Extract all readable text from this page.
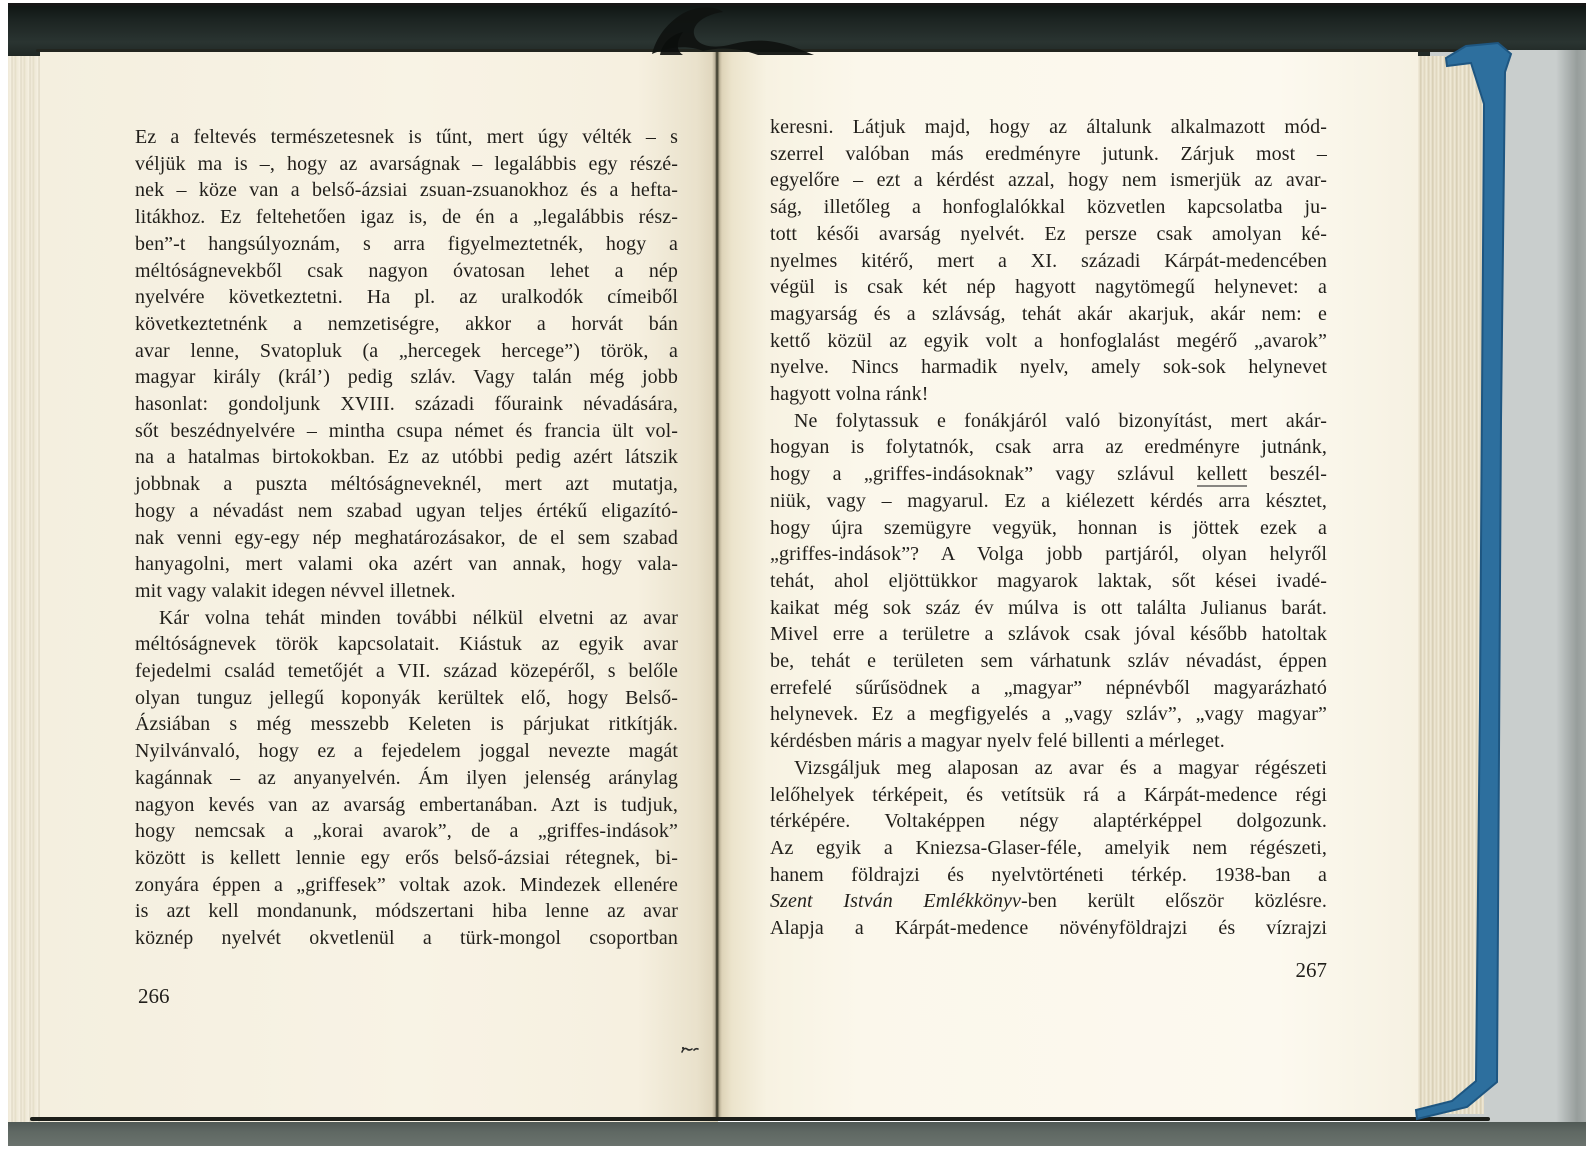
Ez a feltevés természetesnek is tűnt, mert úgy vélték – s
véljük ma is –, hogy az avarságnak – legalábbis egy részé-
nek – köze van a belső-ázsiai zsuan-zsuanokhoz és a hefta-
litákhoz. Ez feltehetően igaz is, de én a „legalábbis rész-
ben”-t hangsúlyoznám, s arra figyelmeztetnék, hogy a
méltóságnevekből csak nagyon óvatosan lehet a nép
nyelvére következtetni. Ha pl. az uralkodók címeiből
következtetnénk a nemzetiségre, akkor a horvát bán
avar lenne, Svatopluk (a „hercegek hercege”) török, a
magyar király (král’) pedig szláv. Vagy talán még jobb
hasonlat: gondoljunk XVIII. századi főuraink névadására,
sőt beszédnyelvére – mintha csupa német és francia ült vol-
na a hatalmas birtokokban. Ez az utóbbi pedig azért látszik
jobbnak a puszta méltóságneveknél, mert azt mutatja,
hogy a névadást nem szabad ugyan teljes értékű eligazító-
nak venni egy-egy nép meghatározásakor, de el sem szabad
hanyagolni, mert valami oka azért van annak, hogy vala-
mit vagy valakit idegen névvel illetnek.
Kár volna tehát minden további nélkül elvetni az avar
méltóságnevek török kapcsolatait. Kiástuk az egyik avar
fejedelmi család temetőjét a VII. század közepéről, s belőle
olyan tunguz jellegű koponyák kerültek elő, hogy Belső-
Ázsiában s még messzebb Keleten is párjukat ritkítják.
Nyilvánvaló, hogy ez a fejedelem joggal nevezte magát
kagánnak – az anyanyelvén. Ám ilyen jelenség aránylag
nagyon kevés van az avarság embertanában. Azt is tudjuk,
hogy nemcsak a „korai avarok”, de a „griffes-indások”
között is kellett lennie egy erős belső-ázsiai rétegnek, bi-
zonyára éppen a „griffesek” voltak azok. Mindezek ellenére
is azt kell mondanunk, módszertani hiba lenne az avar
köznép nyelvét okvetlenül a türk-mongol csoportban
keresni. Látjuk majd, hogy az általunk alkalmazott mód-
szerrel valóban más eredményre jutunk. Zárjuk most –
egyelőre – ezt a kérdést azzal, hogy nem ismerjük az avar-
ság, illetőleg a honfoglalókkal közvetlen kapcsolatba ju-
tott késői avarság nyelvét. Ez persze csak amolyan ké-
nyelmes kitérő, mert a XI. századi Kárpát-medencében
végül is csak két nép hagyott nagytömegű helynevet: a
magyarság és a szlávság, tehát akár akarjuk, akár nem: e
kettő közül az egyik volt a honfoglalást megérő „avarok”
nyelve. Nincs harmadik nyelv, amely sok-sok helynevet
hagyott volna ránk!
Ne folytassuk e fonákjáról való bizonyítást, mert akár-
hogyan is folytatnók, csak arra az eredményre jutnánk,
hogy a „griffes-indásoknak” vagy szlávul kellett beszél-
niük, vagy – magyarul. Ez a kiélezett kérdés arra késztet,
hogy újra szemügyre vegyük, honnan is jöttek ezek a
„griffes-indások”? A Volga jobb partjáról, olyan helyről
tehát, ahol eljöttükkor magyarok laktak, sőt kései ivadé-
kaikat még sok száz év múlva is ott találta Julianus barát.
Mivel erre a területre a szlávok csak jóval később hatoltak
be, tehát e területen sem várhatunk szláv névadást, éppen
errefelé sűrűsödnek a „magyar” népnévből magyarázható
helynevek. Ez a megfigyelés a „vagy szláv”, „vagy magyar”
kérdésben máris a magyar nyelv felé billenti a mérleget.
Vizsgáljuk meg alaposan az avar és a magyar régészeti
lelőhelyek térképeit, és vetítsük rá a Kárpát-medence régi
térképére. Voltaképpen négy alaptérképpel dolgozunk.
Az egyik a Kniezsa-Glaser-féle, amelyik nem régészeti,
hanem földrajzi és nyelvtörténeti térkép. 1938-ban a
Szent István Emlékkönyv-ben került először közlésre.
Alapja a Kárpát-medence növényföldrajzi és vízrajzi
266
267
